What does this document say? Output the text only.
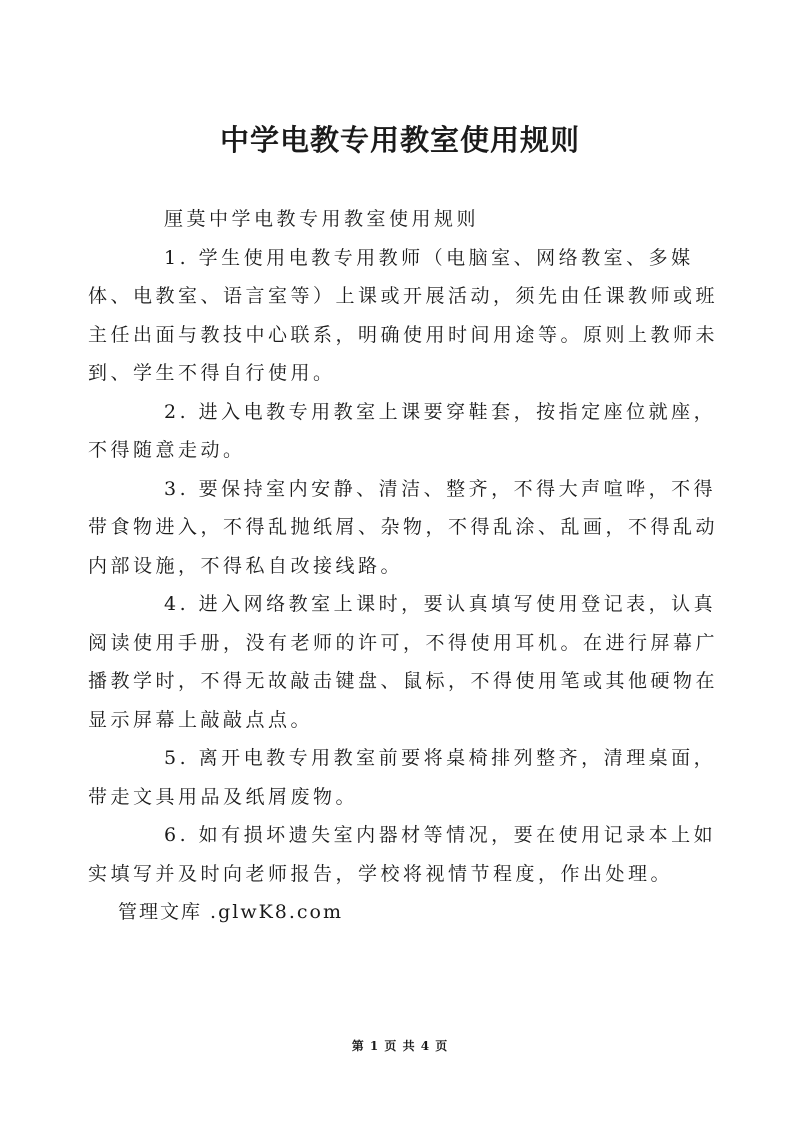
中学电教专用教室使用规则

厘莫中学电教专用教室使用规则

1. 学生使用电教专用教师（电脑室、网络教室、多媒体、电教室、语言室等）上课或开展活动，须先由任课教师或班主任出面与教技中心联系，明确使用时间用途等。原则上教师未到、学生不得自行使用。

2. 进入电教专用教室上课要穿鞋套，按指定座位就座，不得随意走动。

3. 要保持室内安静、清洁、整齐，不得大声喧哗，不得带食物进入，不得乱抛纸屑、杂物，不得乱涂、乱画，不得乱动内部设施，不得私自改接线路。

4. 进入网络教室上课时，要认真填写使用登记表，认真阅读使用手册，没有老师的许可，不得使用耳机。在进行屏幕广播教学时，不得无故敲击键盘、鼠标，不得使用笔或其他硬物在显示屏幕上敲敲点点。

5. 离开电教专用教室前要将桌椅排列整齐，清理桌面，带走文具用品及纸屑废物。

6. 如有损坏遗失室内器材等情况，要在使用记录本上如实填写并及时向老师报告，学校将视情节程度，作出处理。

管理文库 .glwK8.com

第 1 页 共 4 页
